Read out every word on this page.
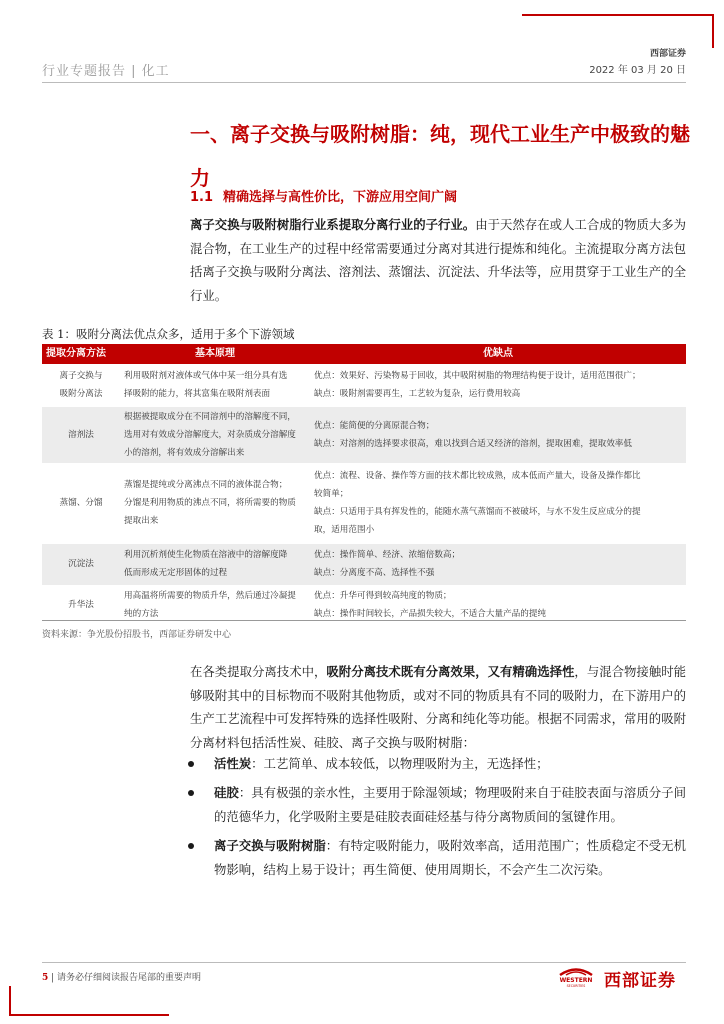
行业专题报告 | 化工
西部证券
2022 年 03 月 20 日
一、离子交换与吸附树脂：纯，现代工业生产中极致的魅力
1.1 精确选择与高性价比，下游应用空间广阔
离子交换与吸附树脂行业系提取分离行业的子行业。由于天然存在或人工合成的物质大多为混合物，在工业生产的过程中经常需要通过分离对其进行提炼和纯化。主流提取分离方法包括离子交换与吸附分离法、溶剂法、蒸馏法、沉淀法、升华法等，应用贯穿于工业生产的全行业。
表 1：吸附分离法优点众多，适用于多个下游领域
提取分离方法	基本原理	优缺点

离子交换与
吸附分离法	利用吸附剂对液体或气体中某一组分具有选
择吸附的能力，将其富集在吸附剂表面	优点：效果好、污染物易于回收，其中吸附树脂的物理结构便于设计，适用范围很广；
缺点：吸附剂需要再生，工艺较为复杂，运行费用较高

溶剂法	根据被提取成分在不同溶剂中的溶解度不同，
选用对有效成分溶解度大，对杂质成分溶解度
小的溶剂，将有效成分溶解出来	优点：能简便的分离原混合物；
缺点：对溶剂的选择要求很高，难以找到合适又经济的溶剂，提取困难，提取效率低

蒸馏、分馏	蒸馏是提纯或分离沸点不同的液体混合物；
分馏是利用物质的沸点不同，将所需要的物质
提取出来	优点：流程、设备、操作等方面的技术都比较成熟，成本低而产量大，设备及操作都比
较简单；
缺点：只适用于具有挥发性的，能随水蒸气蒸馏而不被破坏，与水不发生反应成分的提
取，适用范围小

沉淀法	利用沉析剂使生化物质在溶液中的溶解度降
低而形成无定形固体的过程	优点：操作简单、经济、浓缩倍数高；
缺点：分离度不高、选择性不强

升华法	用高温将所需要的物质升华，然后通过冷凝提
纯的方法	优点：升华可得到较高纯度的物质；
缺点：操作时间较长，产品损失较大，不适合大量产品的提纯
资料来源：争光股份招股书，西部证券研发中心
在各类提取分离技术中，吸附分离技术既有分离效果，又有精确选择性，与混合物接触时能够吸附其中的目标物而不吸附其他物质，或对不同的物质具有不同的吸附力，在下游用户的生产工艺流程中可发挥特殊的选择性吸附、分离和纯化等功能。根据不同需求，常用的吸附分离材料包括活性炭、硅胶、离子交换与吸附树脂：
活性炭：工艺简单、成本较低，以物理吸附为主，无选择性；
硅胶：具有极强的亲水性，主要用于除湿领域；物理吸附来自于硅胶表面与溶质分子间的范德华力，化学吸附主要是硅胶表面硅烃基与待分离物质间的氢键作用。
离子交换与吸附树脂：有特定吸附能力，吸附效率高，适用范围广；性质稳定不受无机物影响，结构上易于设计；再生简便、使用周期长，不会产生二次污染。
5 | 请务必仔细阅读报告尾部的重要声明	WESTERN
SECURITIES 西部证券
